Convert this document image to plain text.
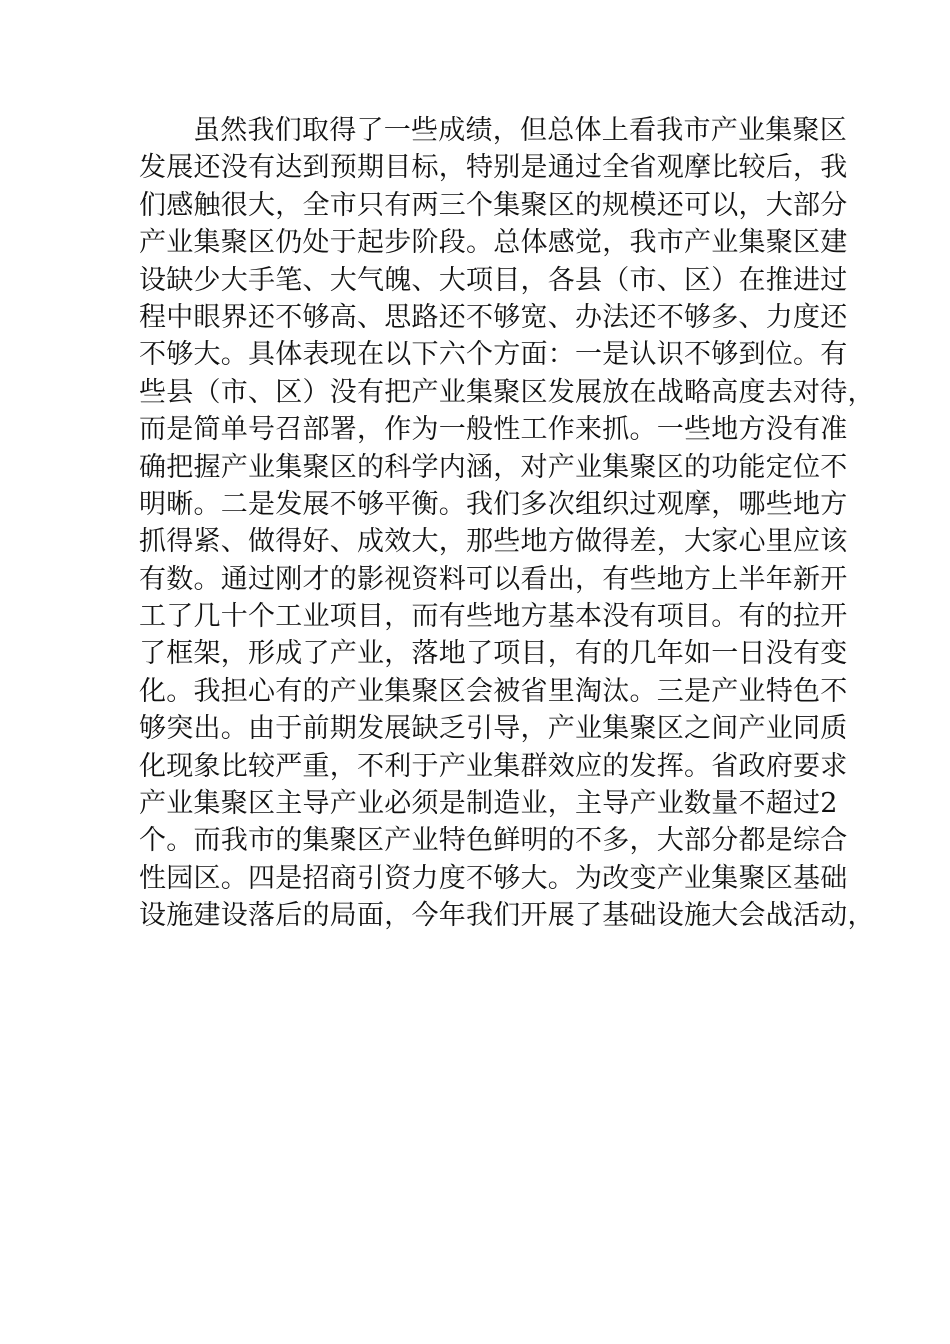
虽然我们取得了一些成绩，但总体上看我市产业集聚区
发展还没有达到预期目标，特别是通过全省观摩比较后，我
们感触很大，全市只有两三个集聚区的规模还可以，大部分
产业集聚区仍处于起步阶段。总体感觉，我市产业集聚区建
设缺少大手笔、大气魄、大项目，各县（市、区）在推进过
程中眼界还不够高、思路还不够宽、办法还不够多、力度还
不够大。具体表现在以下六个方面：一是认识不够到位。有
些县（市、区）没有把产业集聚区发展放在战略高度去对待，
而是简单号召部署，作为一般性工作来抓。一些地方没有准
确把握产业集聚区的科学内涵，对产业集聚区的功能定位不
明晰。二是发展不够平衡。我们多次组织过观摩，哪些地方
抓得紧、做得好、成效大，那些地方做得差，大家心里应该
有数。通过刚才的影视资料可以看出，有些地方上半年新开
工了几十个工业项目，而有些地方基本没有项目。有的拉开
了框架，形成了产业，落地了项目，有的几年如一日没有变
化。我担心有的产业集聚区会被省里淘汰。三是产业特色不
够突出。由于前期发展缺乏引导，产业集聚区之间产业同质
化现象比较严重，不利于产业集群效应的发挥。省政府要求
产业集聚区主导产业必须是制造业，主导产业数量不超过2
个。而我市的集聚区产业特色鲜明的不多，大部分都是综合
性园区。四是招商引资力度不够大。为改变产业集聚区基础
设施建设落后的局面，今年我们开展了基础设施大会战活动，
